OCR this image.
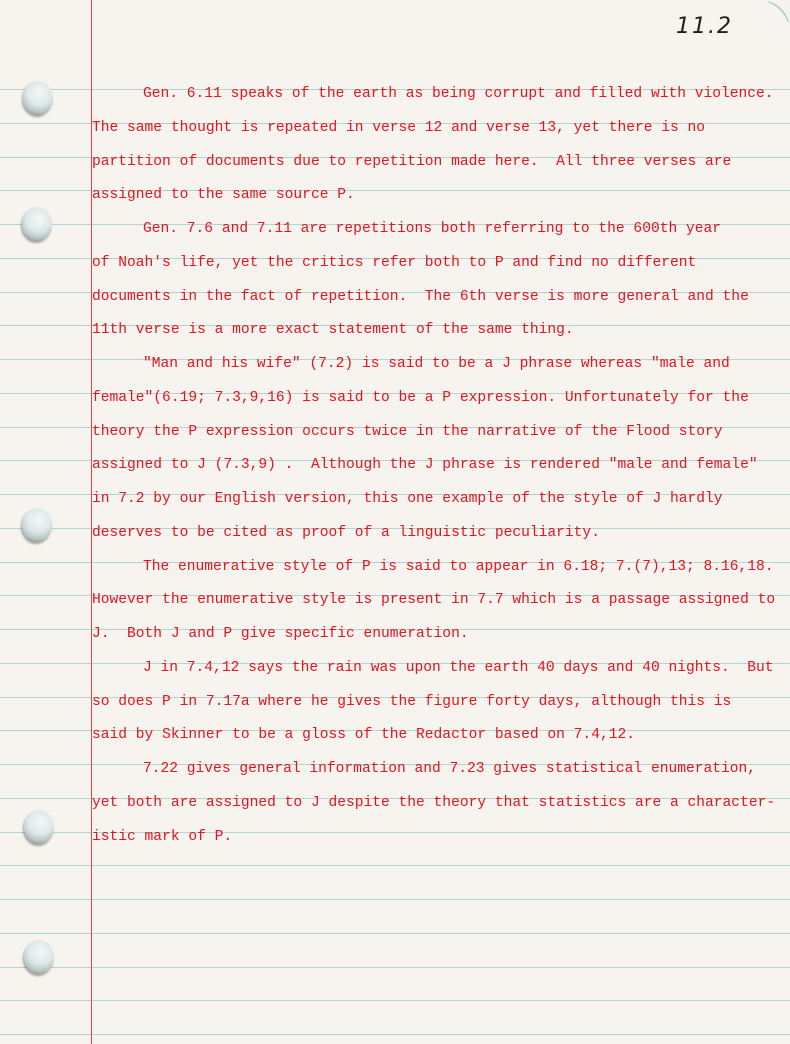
11.2
Gen. 6.11 speaks of the earth as being corrupt and filled with violence.
The same thought is repeated in verse 12 and verse 13, yet there is no
partition of documents due to repetition made here.  All three verses are
assigned to the same source P.
Gen. 7.6 and 7.11 are repetitions both referring to the 600th year
of Noah's life, yet the critics refer both to P and find no different
documents in the fact of repetition.  The 6th verse is more general and the
11th verse is a more exact statement of the same thing.
"Man and his wife" (7.2) is said to be a J phrase whereas "male and
female"(6.19; 7.3,9,16) is said to be a P expression. Unfortunately for the
theory the P expression occurs twice in the narrative of the Flood story
assigned to J (7.3,9) .  Although the J phrase is rendered "male and female"
in 7.2 by our English version, this one example of the style of J hardly
deserves to be cited as proof of a linguistic peculiarity.
The enumerative style of P is said to appear in 6.18; 7.(7),13; 8.16,18.
However the enumerative style is present in 7.7 which is a passage assigned to
J.  Both J and P give specific enumeration.
J in 7.4,12 says the rain was upon the earth 40 days and 40 nights.  But
so does P in 7.17a where he gives the figure forty days, although this is
said by Skinner to be a gloss of the Redactor based on 7.4,12.
7.22 gives general information and 7.23 gives statistical enumeration,
yet both are assigned to J despite the theory that statistics are a character-
istic mark of P.
